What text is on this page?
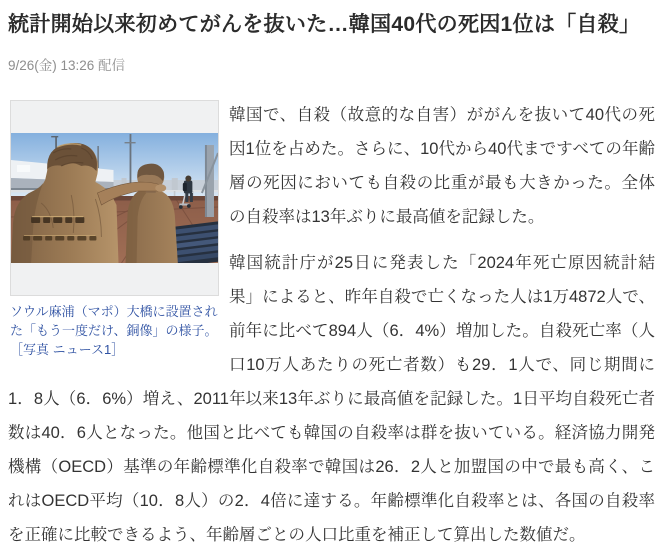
統計開始以来初めてがんを抜いた…韓国40代の死因1位は「自殺」
9/26(金) 13:26 配信
ソウル麻浦（マポ）大橋に設置された「もう一度だけ、銅像」の様子。［写真 ニュース1］

韓国で、自殺（故意的な自害）ががんを抜いて40代の死因1位を占めた。さらに、10代から40代まですべての年齢層の死因においても自殺の比重が最も大きかった。全体の自殺率は13年ぶりに最高値を記録した。

韓国統計庁が25日に発表した「2024年死亡原因統計結果」によると、昨年自殺で亡くなった人は1万4872人で、前年に比べて894人（6．4%）増加した。自殺死亡率（人口10万人あたりの死亡者数）も29．1人で、同じ期間に1．8人（6．6%）増え、2011年以来13年ぶりに最高値を記録した。1日平均自殺死亡者数は40．6人となった。他国と比べても韓国の自殺率は群を抜いている。経済協力開発機構（OECD）基準の年齢標準化自殺率で韓国は26．2人と加盟国の中で最も高く、これはOECD平均（10．8人）の2．4倍に達する。年齢標準化自殺率とは、各国の自殺率を正確に比較できるよう、年齢層ごとの人口比重を補正して算出した数値だ。
